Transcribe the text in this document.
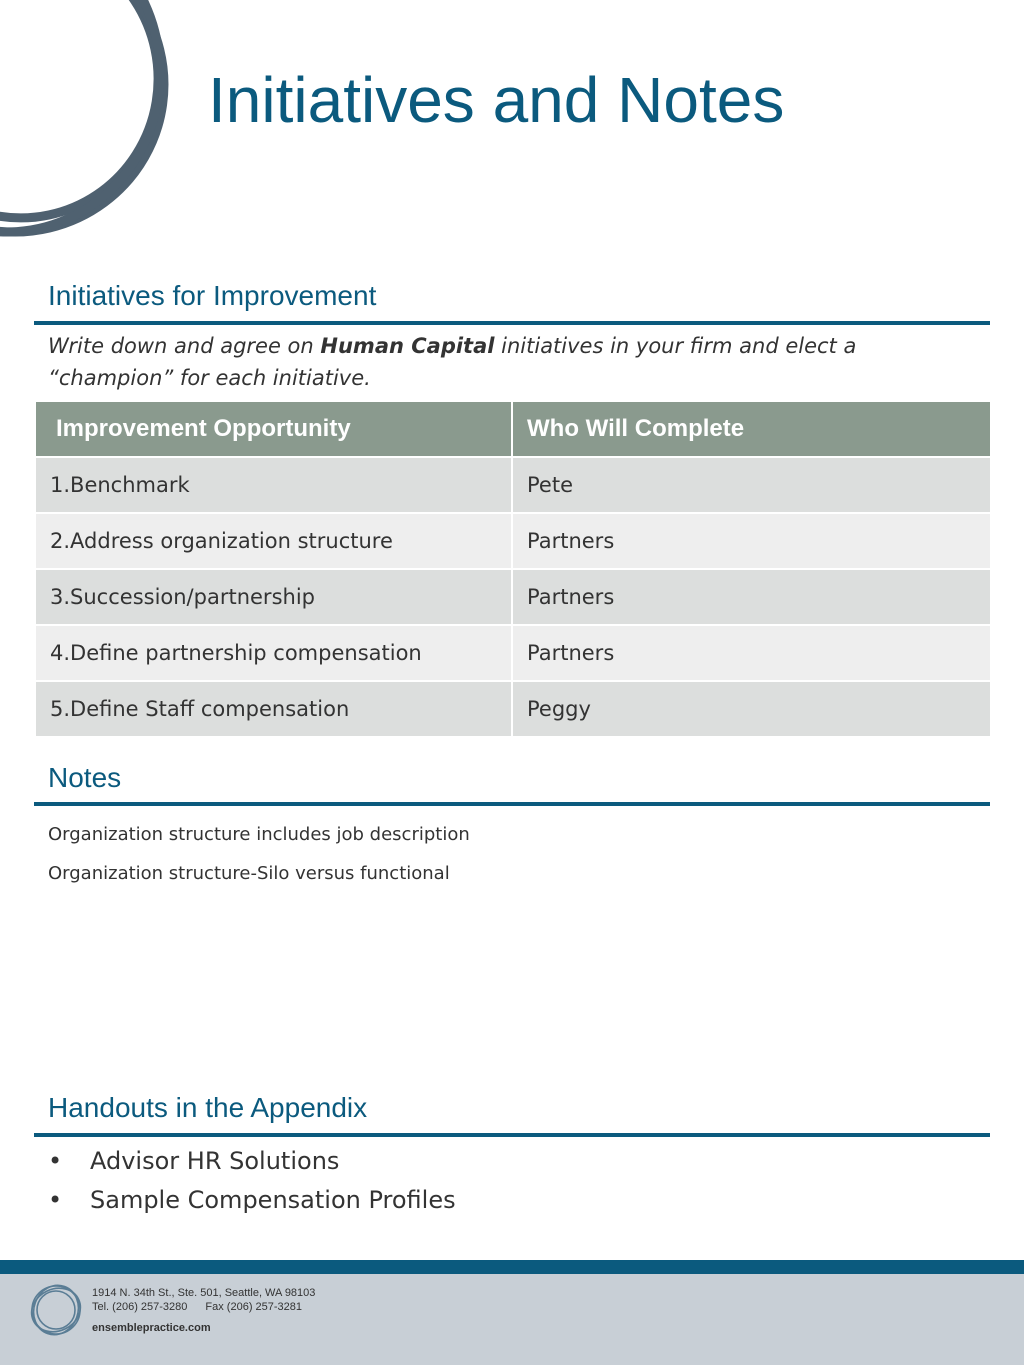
Initiatives and Notes
Initiatives for Improvement
Write down and agree on Human Capital initiatives in your firm and elect a “champion” for each initiative.
Improvement Opportunity	Who Will Complete
1.Benchmark	Pete
2.Address organization structure	Partners
3.Succession/partnership	Partners
4.Define partnership compensation	Partners
5.Define Staff compensation	Peggy
Notes
Organization structure includes job description
Organization structure-Silo versus functional
Handouts in the Appendix
• Advisor HR Solutions
• Sample Compensation Profiles
1914 N. 34th St., Ste. 501, Seattle, WA 98103
Tel. (206) 257-3280 Fax (206) 257-3281
ensemblepractice.com
